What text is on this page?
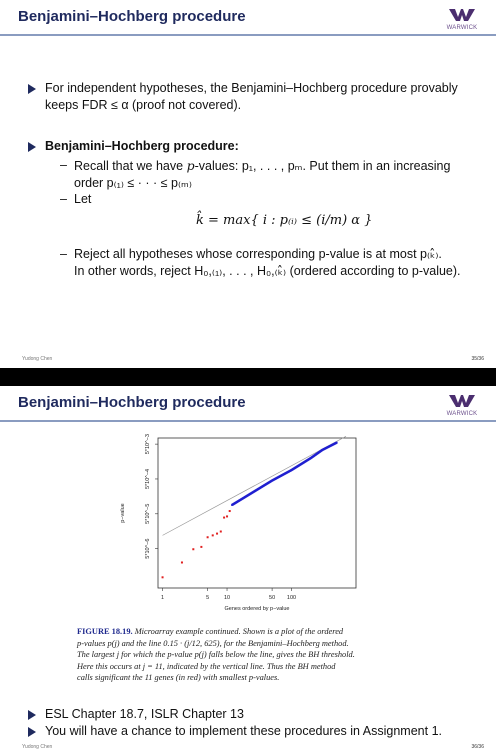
Benjamini–Hochberg procedure
WARWICK
For independent hypotheses, the Benjamini–Hochberg procedure provably
keeps FDR ≤ α (proof not covered).
Benjamini–Hochberg procedure:
– Recall that we have p-values: p₁, . . . , pₘ. Put them in an increasing
order p₍₁₎ ≤ · · · ≤ p₍ₘ₎
– Let
k̂ = max{ i : p₍ᵢ₎ ≤ (i/m) α }
– Reject all hypotheses whose corresponding p-value is at most p₍ₖ̂₎.
In other words, reject H₀,₍₁₎, . . . , H₀,₍ₖ̂₎ (ordered according to p-value).
Yudong Chen	35/36
Benjamini–Hochberg procedure
WARWICK
1	5	10	50 100
5*10^−6
5*10^−5
5*10^−4
5*10^−3
Genes ordered by p−value
p−value
FIGURE 18.19. Microarray example continued. Shown is a plot of the ordered
p-values p(j) and the line 0.15 · (j/12, 625), for the Benjamini–Hochberg method.
The largest j for which the p-value p(j) falls below the line, gives the BH threshold.
Here this occurs at j = 11, indicated by the vertical line. Thus the BH method
calls significant the 11 genes (in red) with smallest p-values.
ESL Chapter 18.7, ISLR Chapter 13
You will have a chance to implement these procedures in Assignment 1.
Yudong Chen	36/36
